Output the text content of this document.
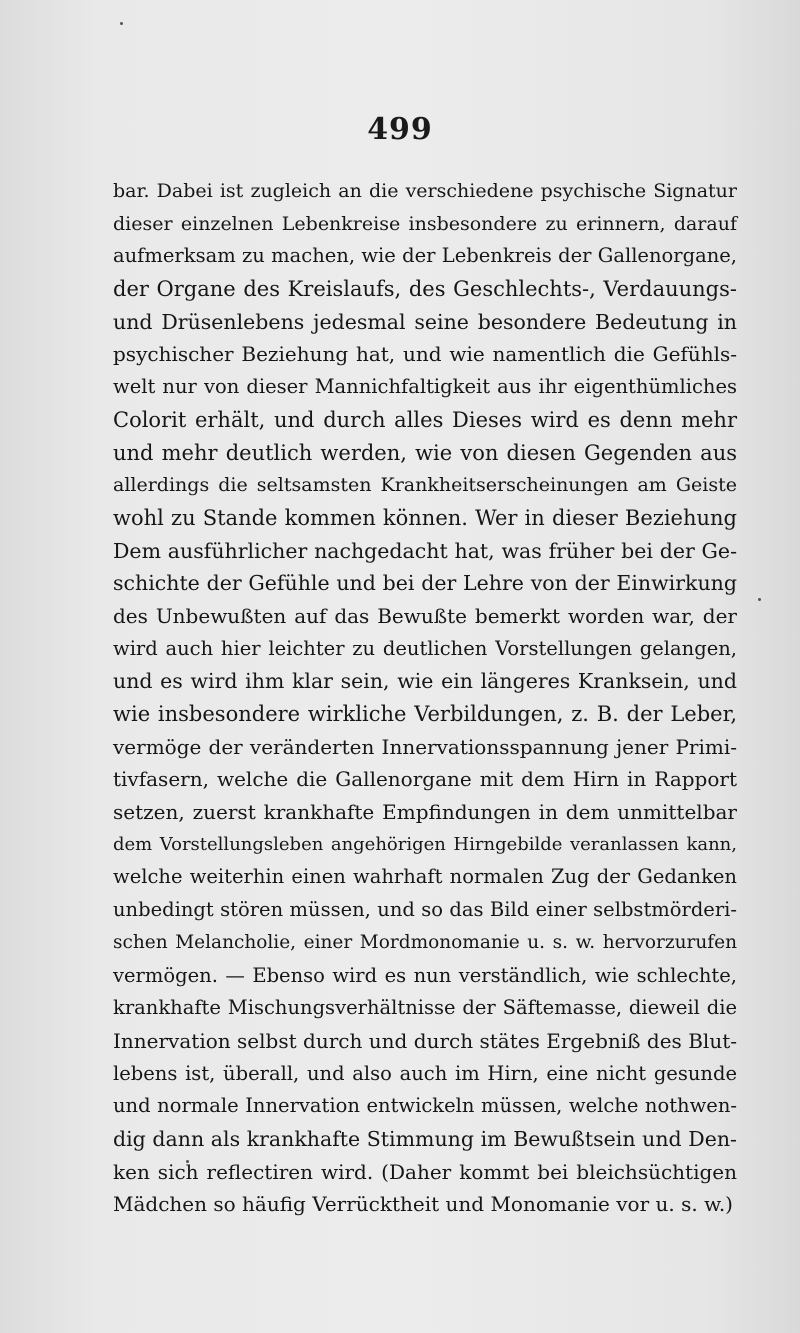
499
bar. Dabei ist zugleich an die verschiedene psychische Signatur
dieser einzelnen Lebenkreise insbesondere zu erinnern, darauf
aufmerksam zu machen, wie der Lebenkreis der Gallenorgane,
der Organe des Kreislaufs, des Geschlechts-, Verdauungs-
und Drüsenlebens jedesmal seine besondere Bedeutung in
psychischer Beziehung hat, und wie namentlich die Gefühls-
welt nur von dieser Mannichfaltigkeit aus ihr eigenthümliches
Colorit erhält, und durch alles Dieses wird es denn mehr
und mehr deutlich werden, wie von diesen Gegenden aus
allerdings die seltsamsten Krankheitserscheinungen am Geiste
wohl zu Stande kommen können. Wer in dieser Beziehung
Dem ausführlicher nachgedacht hat, was früher bei der Ge-
schichte der Gefühle und bei der Lehre von der Einwirkung
des Unbewußten auf das Bewußte bemerkt worden war, der
wird auch hier leichter zu deutlichen Vorstellungen gelangen,
und es wird ihm klar sein, wie ein längeres Kranksein, und
wie insbesondere wirkliche Verbildungen, z. B. der Leber,
vermöge der veränderten Innervationsspannung jener Primi-
tivfasern, welche die Gallenorgane mit dem Hirn in Rapport
setzen, zuerst krankhafte Empfindungen in dem unmittelbar
dem Vorstellungsleben angehörigen Hirngebilde veranlassen kann,
welche weiterhin einen wahrhaft normalen Zug der Gedanken
unbedingt stören müssen, und so das Bild einer selbstmörderi-
schen Melancholie, einer Mordmonomanie u. s. w. hervorzurufen
vermögen. — Ebenso wird es nun verständlich, wie schlechte,
krankhafte Mischungsverhältnisse der Säftemasse, dieweil die
Innervation selbst durch und durch stätes Ergebniß des Blut-
lebens ist, überall, und also auch im Hirn, eine nicht gesunde
und normale Innervation entwickeln müssen, welche nothwen-
dig dann als krankhafte Stimmung im Bewußtsein und Den-
ken sich reflectiren wird. (Daher kommt bei bleichsüchtigen
Mädchen so häufig Verrücktheit und Monomanie vor u. s. w.)
